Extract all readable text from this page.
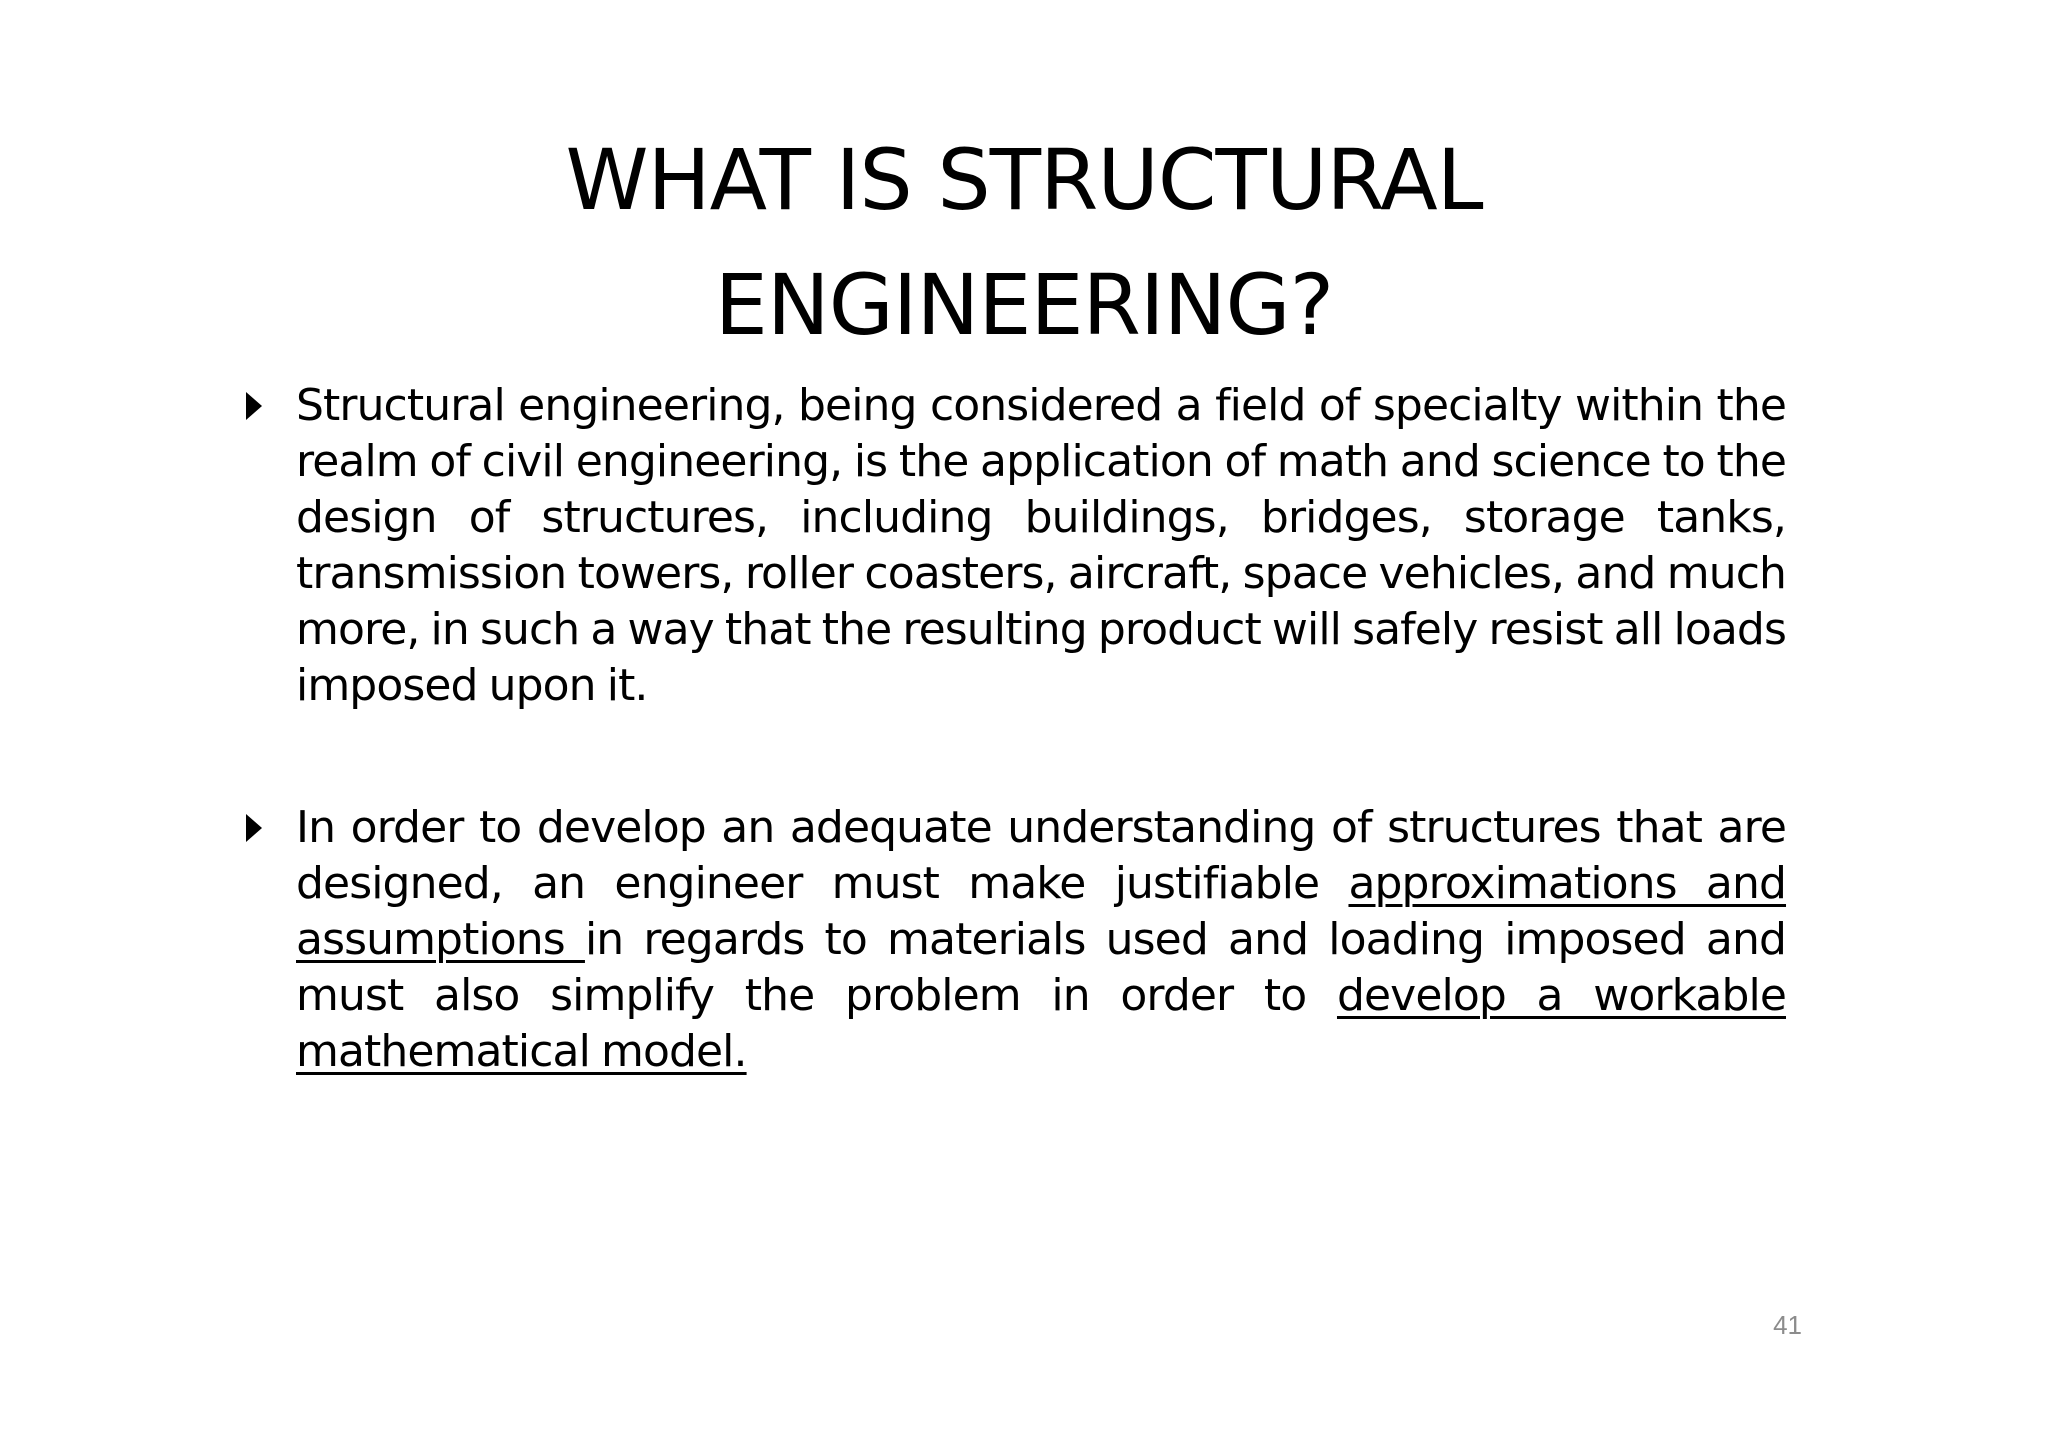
WHAT IS STRUCTURAL
ENGINEERING?
Structural engineering, being considered a field of specialty within the realm of civil engineering, is the application of math and science to the design of structures, including buildings, bridges, storage tanks, transmission towers, roller coasters, aircraft, space vehicles, and much more, in such a way that the resulting product will safely resist all loads imposed upon it.
In order to develop an adequate understanding of structures that are designed, an engineer must make justifiable approximations and assumptions in regards to materials used and loading imposed and must also simplify the problem in order to develop a workable mathematical model.
41
